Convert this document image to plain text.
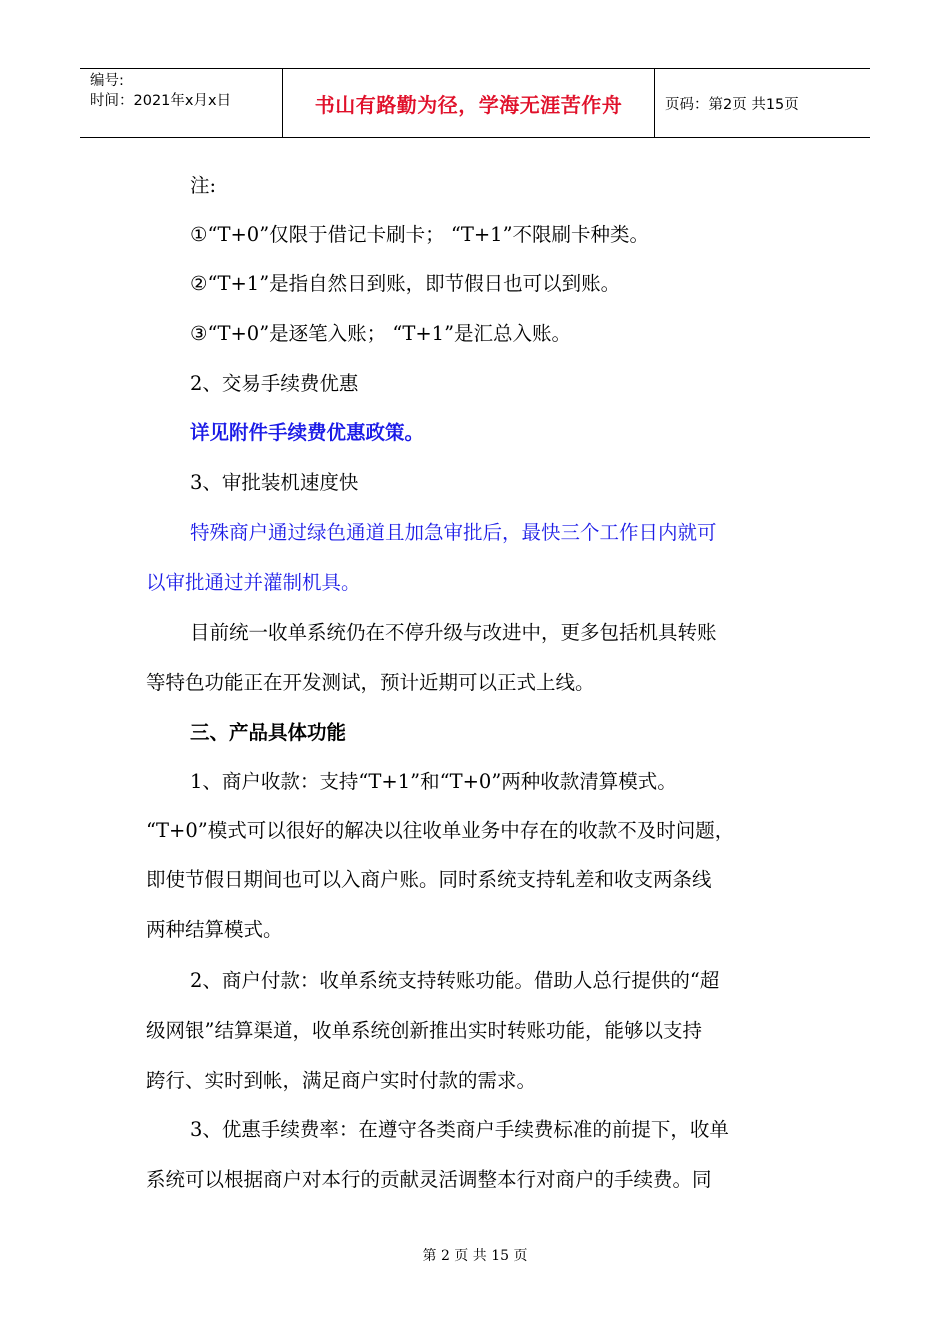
编号:
时间：2021年x月x日	书山有路勤为径，学海无涯苦作舟	页码：第2页 共15页
注:
①“T+0”仅限于借记卡刷卡； “T+1”不限刷卡种类。
②“T+1”是指自然日到账，即节假日也可以到账。
③“T+0”是逐笔入账； “T+1”是汇总入账。
2、交易手续费优惠
详见附件手续费优惠政策。
3、审批装机速度快
特殊商户通过绿色通道且加急审批后，最快三个工作日内就可
以审批通过并灌制机具。
目前统一收单系统仍在不停升级与改进中，更多包括机具转账
等特色功能正在开发测试，预计近期可以正式上线。
三、产品具体功能
1、商户收款：支持“T+1”和“T+0”两种收款清算模式。
“T+0”模式可以很好的解决以往收单业务中存在的收款不及时问题，
即使节假日期间也可以入商户账。同时系统支持轧差和收支两条线
两种结算模式。
2、商户付款：收单系统支持转账功能。借助人总行提供的“超
级网银”结算渠道，收单系统创新推出实时转账功能，能够以支持
跨行、实时到帐，满足商户实时付款的需求。
3、优惠手续费率：在遵守各类商户手续费标准的前提下，收单
系统可以根据商户对本行的贡献灵活调整本行对商户的手续费。同
第 2 页 共 15 页
